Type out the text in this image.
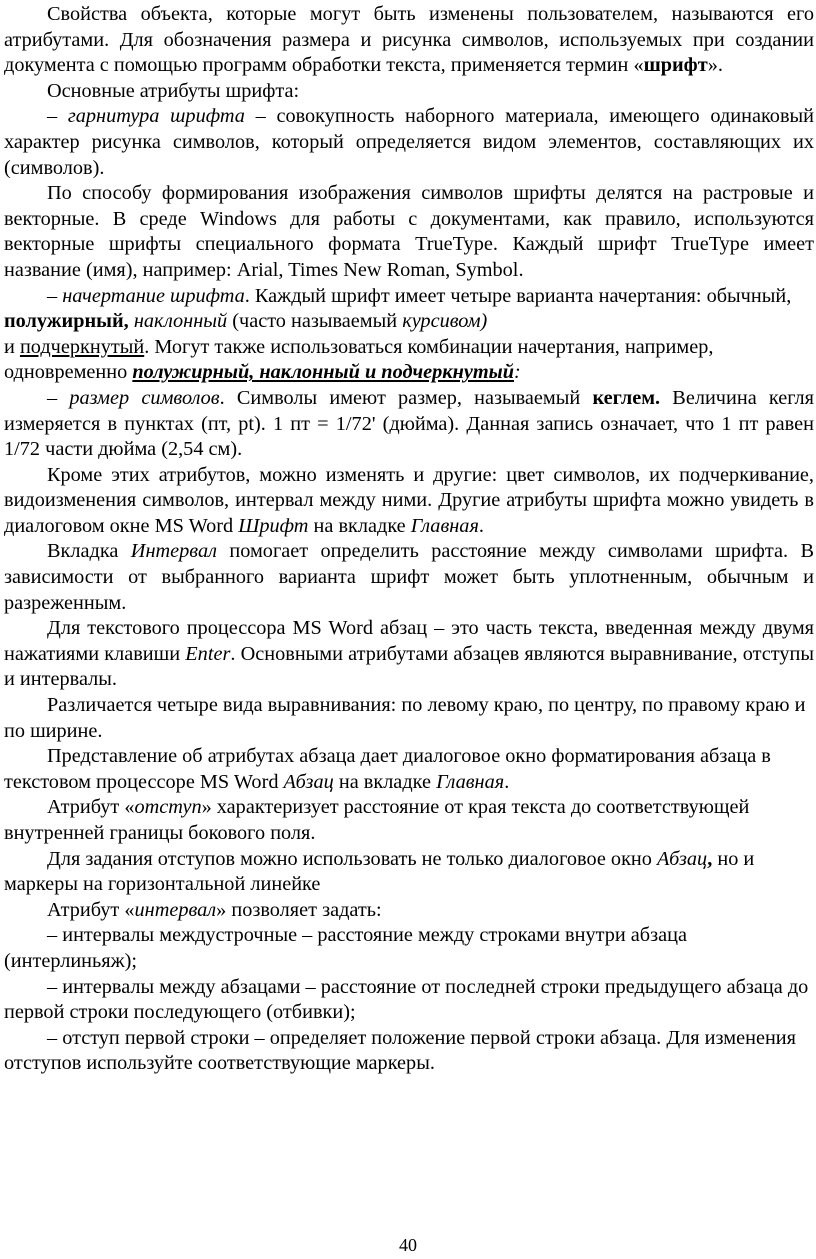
Свойства объекта, которые могут быть изменены пользователем, называются его атрибутами. Для обозначения размера и рисунка символов, используемых при создании документа с помощью программ обработки текста, применяется термин «шрифт».

Основные атрибуты шрифта:

– гарнитура шрифта – совокупность наборного материала, имеющего одинаковый характер рисунка символов, который определяется видом элементов, составляющих их (символов).

По способу формирования изображения символов шрифты делятся на растровые и векторные. В среде Windows для работы с документами, как правило, используются векторные шрифты специального формата TrueType. Каждый шрифт TrueType имеет название (имя), например: Arial, Times New Roman, Symbol.

– начертание шрифта. Каждый шрифт имеет четыре варианта начертания: обычный, полужирный, наклонный (часто называемый курсивом)

и подчеркнутый. Могут также использоваться комбинации начертания, например, одновременно полужирный, наклонный и подчеркнутый:

– размер символов. Символы имеют размер, называемый кеглем. Величина кегля измеряется в пунктах (пт, pt). 1 пт = 1/72' (дюйма). Данная запись означает, что 1 пт равен 1/72 части дюйма (2,54 см).

Кроме этих атрибутов, можно изменять и другие: цвет символов, их подчеркивание, видоизменения символов, интервал между ними. Другие атрибуты шрифта можно увидеть в диалоговом окне MS Word Шрифт на вкладке Главная.

Вкладка Интервал помогает определить расстояние между символами шрифта. В зависимости от выбранного варианта шрифт может быть уплотненным, обычным и разреженным.

Для текстового процессора MS Word абзац – это часть текста, введенная между двумя нажатиями клавиши Enter. Основными атрибутами абзацев являются выравнивание, отступы и интервалы.

Различается четыре вида выравнивания: по левому краю, по центру, по правому краю и по ширине.

Представление об атрибутах абзаца дает диалоговое окно форматирования абзаца в текстовом процессоре MS Word Абзац на вкладке Главная.

Атрибут «отступ» характеризует расстояние от края текста до соответствующей внутренней границы бокового поля.

Для задания отступов можно использовать не только диалоговое окно Абзац, но и маркеры на горизонтальной линейке

Атрибут «интервал» позволяет задать:

– интервалы междустрочные – расстояние между строками внутри абзаца (интерлиньяж);

– интервалы между абзацами – расстояние от последней строки предыдущего абзаца до первой строки последующего (отбивки);

– отступ первой строки – определяет положение первой строки абзаца. Для изменения отступов используйте соответствующие маркеры.

40
